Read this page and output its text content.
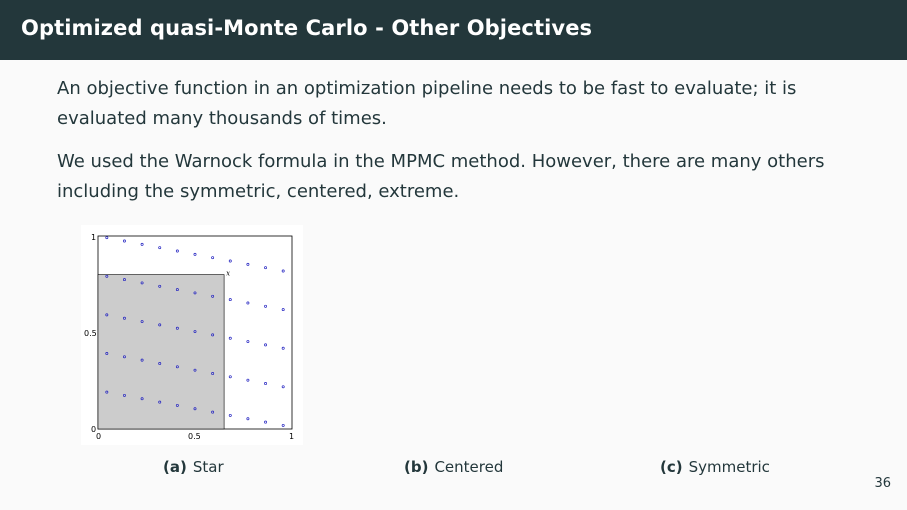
Optimized quasi-Monte Carlo - Other Objectives
An objective function in an optimization pipeline needs to be fast to evaluate; it is evaluated many thousands of times.
We used the Warnock formula in the MPMC method. However, there are many others including the symmetric, centered, extreme.
0	0.5	1
0
0.5
1
x
(a) Star	(b) Centered	(c) Symmetric
36
